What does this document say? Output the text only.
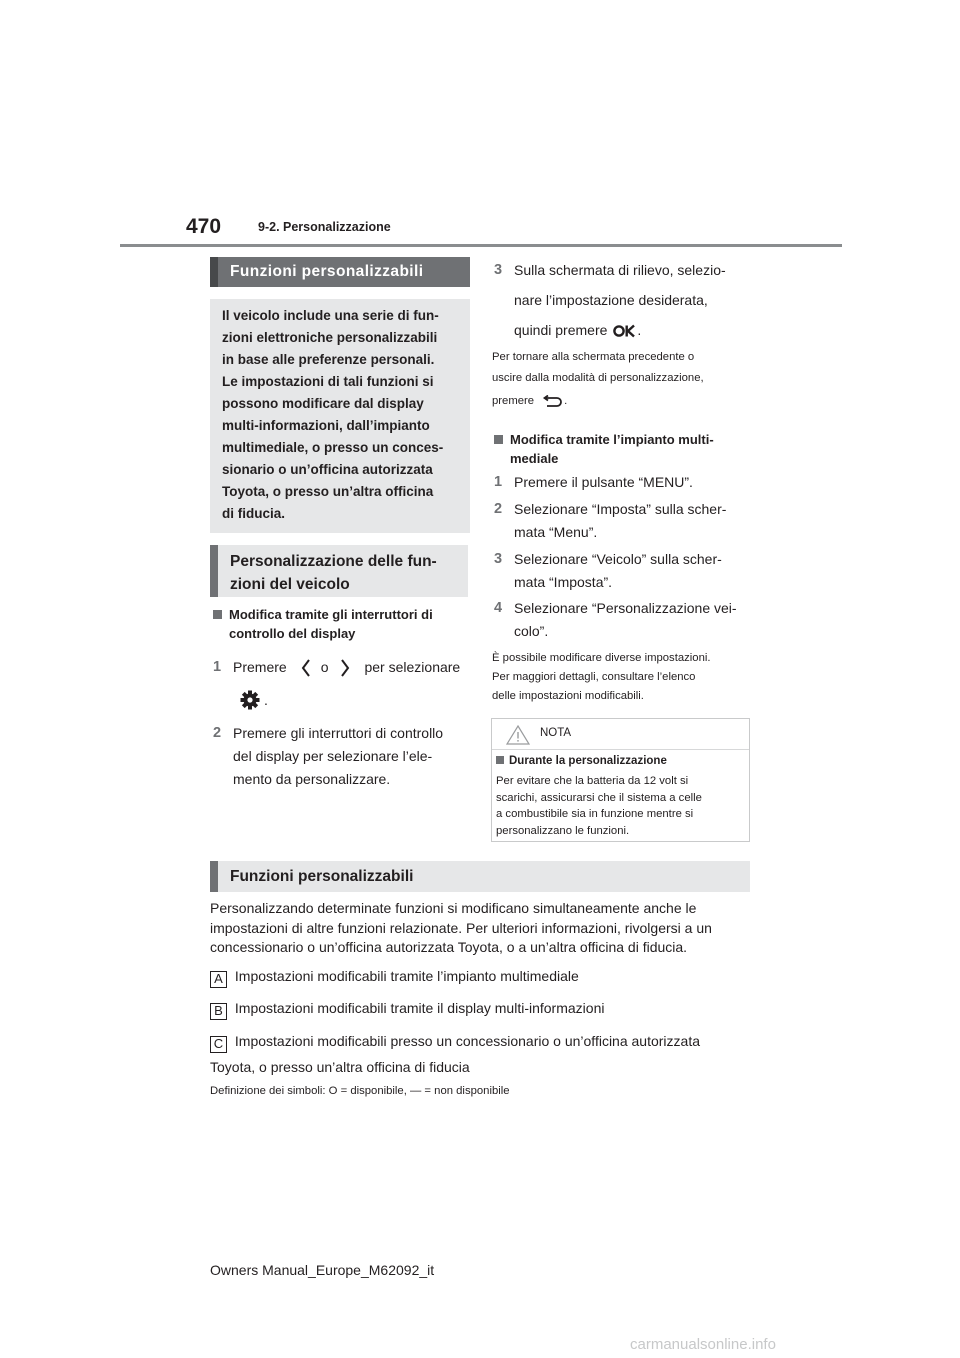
470	9-2. Personalizzazione
Funzioni personalizzabili
Il veicolo include una serie di fun-
zioni elettroniche personalizzabili
in base alle preferenze personali.
Le impostazioni di tali funzioni si
possono modificare dal display
multi-informazioni, dall’impianto
multimediale, o presso un conces-
sionario o un’officina autorizzata
Toyota, o presso un’altra officina
di fiducia.
Personalizzazione delle fun-
zioni del veicolo
Modifica tramite gli interruttori di
controllo del display
1 Premere o	per selezionare
.
2 Premere gli interruttori di controllo
del display per selezionare l’ele-
mento da personalizzare.
3 Sulla schermata di rilievo, selezio-
nare l’impostazione desiderata,
quindi premere .
Per tornare alla schermata precedente o
uscire dalla modalità di personalizzazione,
premere	.
Modifica tramite l’impianto multi-
mediale
1 Premere il pulsante “MENU”.
2 Selezionare “Imposta” sulla scher-
mata “Menu”.
3 Selezionare “Veicolo” sulla scher-
mata “Imposta”.
4 Selezionare “Personalizzazione vei-
colo”.
È possibile modificare diverse impostazioni.
Per maggiori dettagli, consultare l’elenco
delle impostazioni modificabili.
NOTA
Durante la personalizzazione
Per evitare che la batteria da 12 volt si
scarichi, assicurarsi che il sistema a celle
a combustibile sia in funzione mentre si
personalizzano le funzioni.
Funzioni personalizzabili
Personalizzando determinate funzioni si modificano simultaneamente anche le
impostazioni di altre funzioni relazionate. Per ulteriori informazioni, rivolgersi a un
concessionario o un’officina autorizzata Toyota, o a un’altra officina di fiducia.
A Impostazioni modificabili tramite l’impianto multimediale
B Impostazioni modificabili tramite il display multi-informazioni
C Impostazioni modificabili presso un concessionario o un’officina autorizzata
Toyota, o presso un’altra officina di fiducia
Definizione dei simboli: O = disponibile, — = non disponibile
Owners Manual_Europe_M62092_it
carmanualsonline.info
